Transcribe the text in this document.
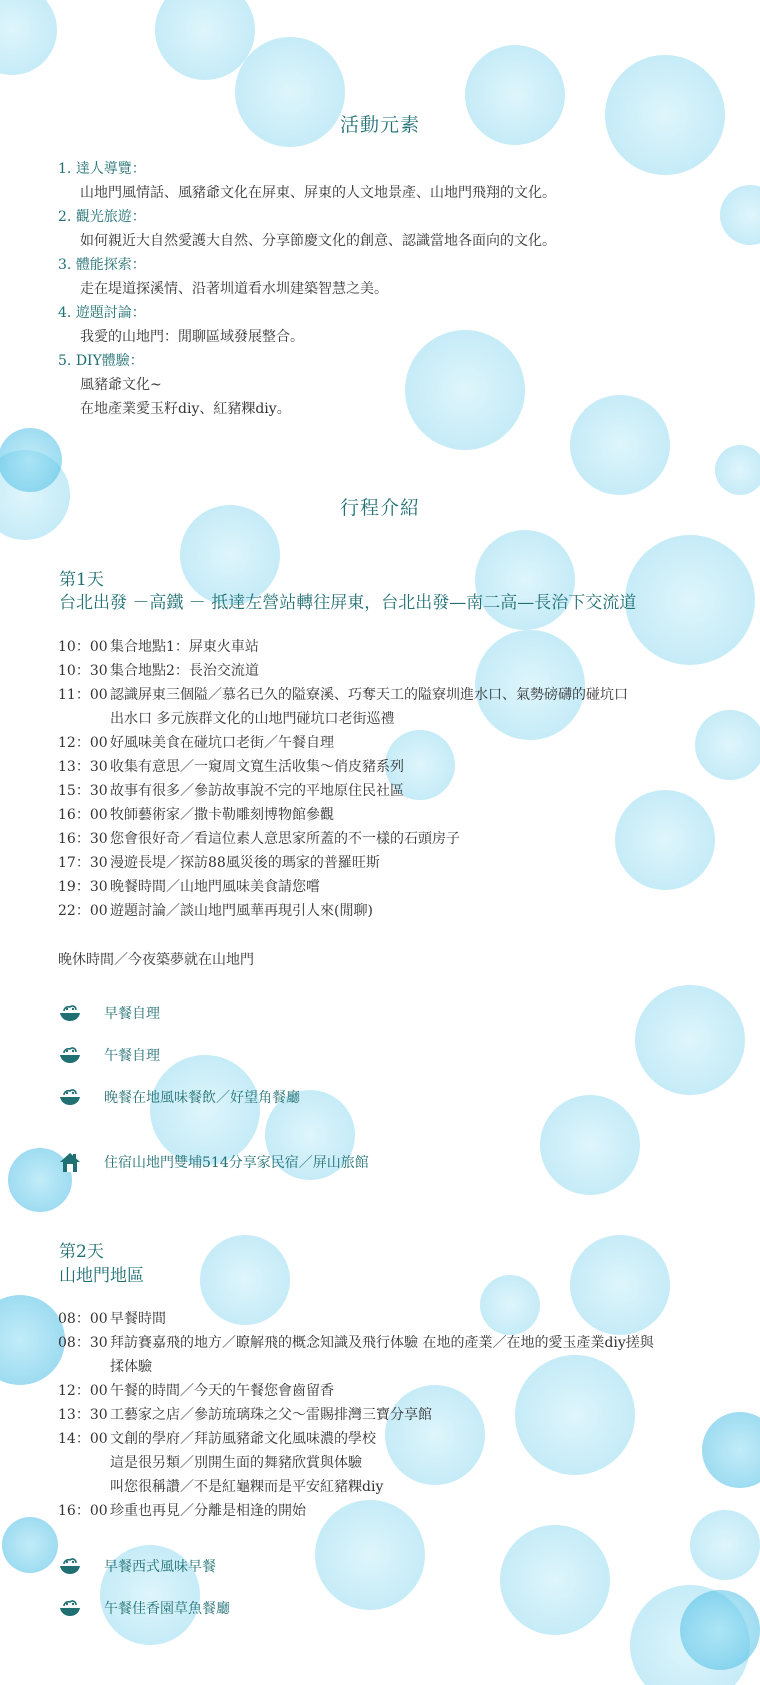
活動元素
1. 達人導覽：
山地門風情話、風豬爺文化在屏東、屏東的人文地景產、山地門飛翔的文化。
2. 觀光旅遊：
如何親近大自然愛護大自然、分享節慶文化的創意、認識當地各面向的文化。
3. 體能探索：
走在堤道探溪情、沿著圳道看水圳建築智慧之美。
4. 遊題討論：
我愛的山地門：閒聊區域發展整合。
5. DIY體驗：
風豬爺文化~
在地產業愛玉籽diy、紅豬粿diy。
行程介紹
第1天
台北出發 －高鐵 － 抵達左營站轉往屏東，台北出發—南二高—長治下交流道
10：00 集合地點1：屏東火車站
10：30 集合地點2：長治交流道
11：00 認識屏東三個隘／慕名已久的隘寮溪、巧奪天工的隘寮圳進水口、氣勢磅礴的碰坑口
出水口 多元族群文化的山地門碰坑口老街巡禮
12：00 好風味美食在碰坑口老街／午餐自理
13：30 收集有意思／一窺周文寬生活收集～俏皮豬系列
15：30 故事有很多／參訪故事說不完的平地原住民社區
16：00 牧師藝術家／撒卡勒雕刻博物館參觀
16：30 您會很好奇／看這位素人意思家所蓋的不一樣的石頭房子
17：30 漫遊長堤／探訪88風災後的瑪家的普羅旺斯
19：30 晚餐時間／山地門風味美食請您嚐
22：00 遊題討論／談山地門風華再現引人來(閒聊)
晚休時間／今夜築夢就在山地門
早餐自理
午餐自理
晚餐在地風味餐飲／好望角餐廳
住宿山地門雙埔514分享家民宿／屏山旅館
第2天
山地門地區
08：00 早餐時間
08：30 拜訪賽嘉飛的地方／瞭解飛的概念知識及飛行体驗 在地的產業／在地的愛玉產業diy搓與
揉体驗
12：00 午餐的時間／今天的午餐您會齒留香
13：30 工藝家之店／參訪琉璃珠之父～雷賜排灣三寶分享館
14：00 文創的學府／拜訪風豬爺文化風味濃的學校
這是很另類／別開生面的舞豬欣賞與体驗
叫您很稱讚／不是紅龜粿而是平安紅豬粿diy
16：00 珍重也再見／分離是相逢的開始
早餐西式風味早餐
午餐佳香園草魚餐廳
